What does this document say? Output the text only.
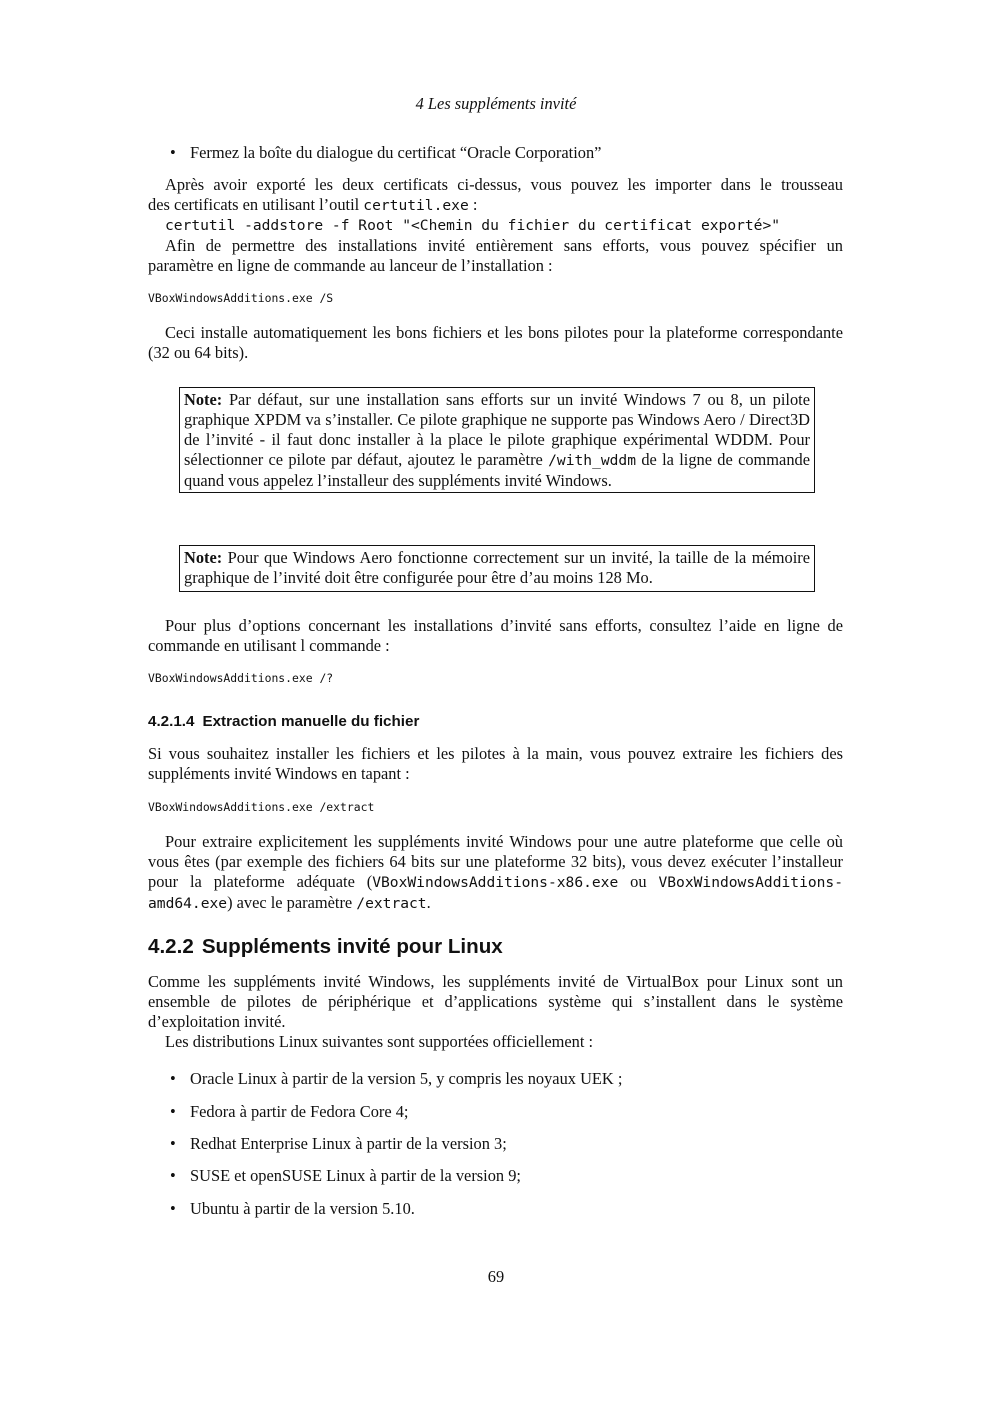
4 Les suppléments invité
• Fermez la boîte du dialogue du certificat “Oracle Corporation”

Après avoir exporté les deux certificats ci-dessus, vous pouvez les importer dans le trousseau

des certificats en utilisant l’outil certutil.exe :

certutil -addstore -f Root "<Chemin du fichier du certificat exporté>"

Afin de permettre des installations invité entièrement sans efforts, vous pouvez spécifier un

paramètre en ligne de commande au lanceur de l’installation :

VBoxWindowsAdditions.exe /S

Ceci installe automatiquement les bons fichiers et les bons pilotes pour la plateforme correspondante (32 ou 64 bits).

Note: Par défaut, sur une installation sans efforts sur un invité Windows 7 ou 8, un pilote graphique XPDM va s’installer. Ce pilote graphique ne supporte pas Windows Aero / Direct3D de l’invité - il faut donc installer à la place le pilote graphique expérimental WDDM. Pour sélectionner ce pilote par défaut, ajoutez le paramètre /with_wddm de la ligne de commande quand vous appelez l’installeur des suppléments invité Windows.
Note: Pour que Windows Aero fonctionne correctement sur un invité, la taille de la mémoire graphique de l’invité doit être configurée pour être d’au moins 128 Mo.

Pour plus d’options concernant les installations d’invité sans efforts, consultez l’aide en ligne de commande en utilisant l commande :

VBoxWindowsAdditions.exe /?
4.2.1.4 Extraction manuelle du fichier

Si vous souhaitez installer les fichiers et les pilotes à la main, vous pouvez extraire les fichiers des suppléments invité Windows en tapant :

VBoxWindowsAdditions.exe /extract

Pour extraire explicitement les suppléments invité Windows pour une autre plateforme que celle où vous êtes (par exemple des fichiers 64 bits sur une plateforme 32 bits), vous devez exécuter l’installeur pour la plateforme adéquate (VBoxWindowsAdditions-x86.exe ou VBoxWindowsAdditions-amd64.exe) avec le paramètre /extract.

4.2.2 Suppléments invité pour Linux

Comme les suppléments invité Windows, les suppléments invité de VirtualBox pour Linux sont un ensemble de pilotes de périphérique et d’applications système qui s’installent dans le système d’exploitation invité.

Les distributions Linux suivantes sont supportées officiellement :

• Oracle Linux à partir de la version 5, y compris les noyaux UEK ;
• Fedora à partir de Fedora Core 4;
• Redhat Enterprise Linux à partir de la version 3;
• SUSE et openSUSE Linux à partir de la version 9;
• Ubuntu à partir de la version 5.10.
69
